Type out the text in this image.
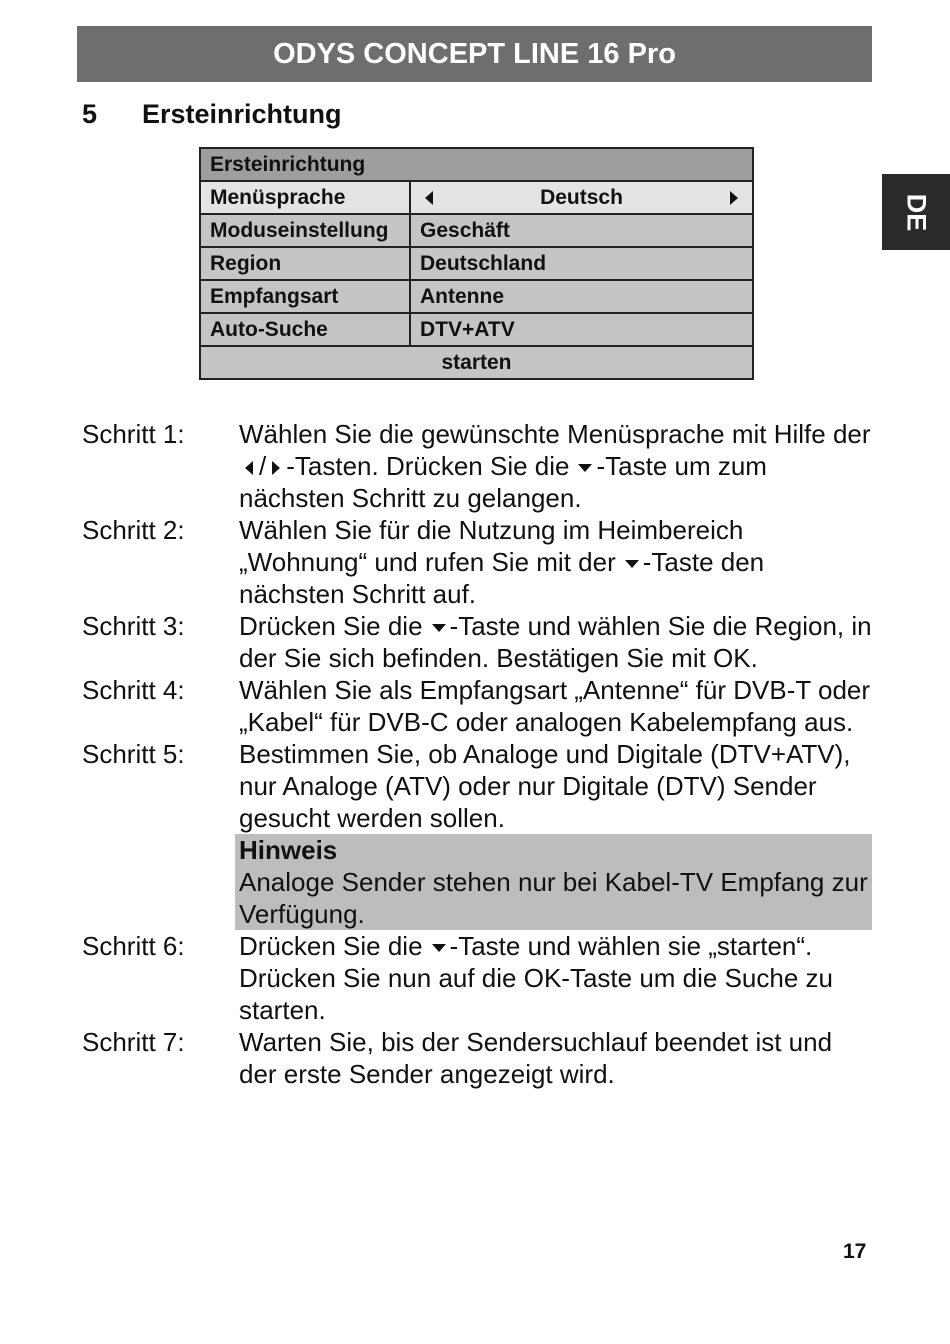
ODYS CONCEPT LINE 16 Pro
DE
5 Ersteinrichtung
Ersteinrichtung
Menüsprache	Deutsch
Moduseinstellung	Geschäft
Region	Deutschland
Empfangsart	Antenne
Auto-Suche	DTV+ATV
starten
Schritt 1:	Wählen Sie die gewünschte Menüsprache mit Hilfe der/ -Tasten. Drücken Sie die -Taste um zum nächsten Schritt zu gelangen.
Schritt 2:	Wählen Sie für die Nutzung im Heimbereich „Wohnung“ und rufen Sie mit der -Taste den nächsten Schritt auf.
Schritt 3:	Drücken Sie die -Taste und wählen Sie die Region, in der Sie sich befinden. Bestätigen Sie mit OK.
Schritt 4:	Wählen Sie als Empfangsart „Antenne“ für DVB-T oder „Kabel“ für DVB-C oder analogen Kabelempfang aus.
Schritt 5:	Bestimmen Sie, ob Analoge und Digitale (DTV+ATV), nur Analoge (ATV) oder nur Digitale (DTV) Sender gesucht werden sollen.
Hinweis
Analoge Sender stehen nur bei Kabel-TV Empfang zur Verfügung.
Schritt 6:	Drücken Sie die -Taste und wählen sie „starten“. Drücken Sie nun auf die OK-Taste um die Suche zu starten.
Schritt 7:	Warten Sie, bis der Sendersuchlauf beendet ist und der erste Sender angezeigt wird.
17
